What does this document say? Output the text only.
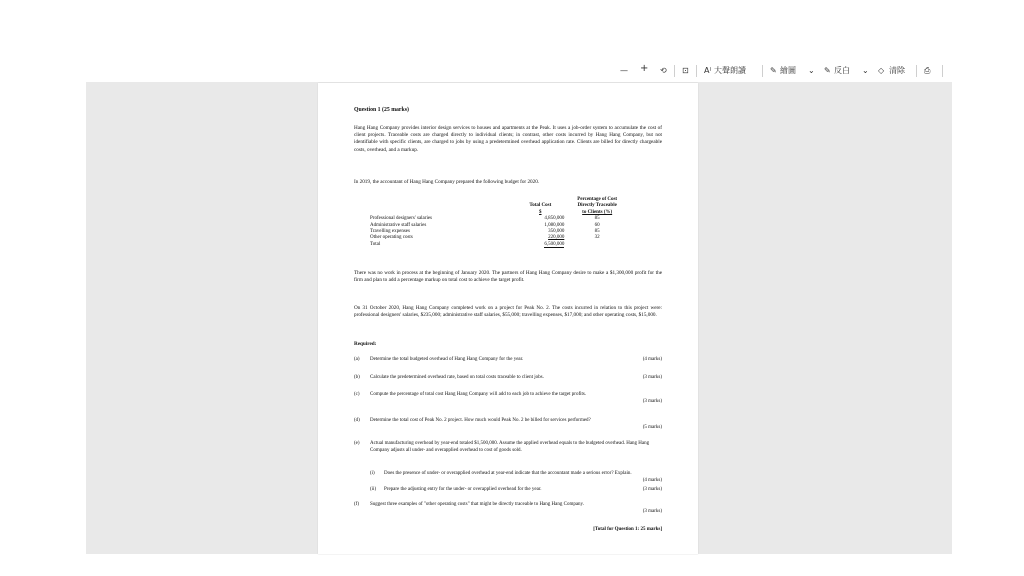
— + ⟲ ⊡ A⁾ 大聲朗讀	✎ 繪圖 ⌄ ✎ 反白 ⌄ ◇ 清除 ⎙
Question 1 (25 marks)
Hang Hang Company provides interior design services to houses and apartments at the Peak. It uses a job-order system to accumulate the cost of client projects. Traceable costs are charged directly to individual clients; in contrast, other costs incurred by Hang Hang Company, but not identifiable with specific clients, are charged to jobs by using a predetermined overhead application rate. Clients are billed for directly chargeable costs, overhead, and a markup.
In 2019, the accountant of Hang Hang Company prepared the following budget for 2020.
		Percentage of Cost
	Total Cost	Directly Traceable
	$	to Clients (%)
Professional designers' salaries	4,850,000	85
Administrative staff salaries	1,080,000	60
Travelling expenses	350,000	85
Other operating costs	220,000	32
Total	6,500,000	
There was no work in process at the beginning of January 2020. The partners of Hang Hang Company desire to make a $1,300,000 profit for the firm and plan to add a percentage markup on total cost to achieve the target profit.
On 31 October 2020, Hang Hang Company completed work on a project for Peak No. 2. The costs incurred in relation to this project were: professional designers' salaries, $235,000; administrative staff salaries, $55,000; travelling expenses, $17,000; and other operating costs, $15,000.
Required:
(a) Determine the total budgeted overhead of Hang Hang Company for the year.	(4 marks)
(b) Calculate the predetermined overhead rate, based on total costs traceable to client jobs.	(3 marks)
(c) Compute the percentage of total cost Hang Hang Company will add to each job to achieve the target profits.
(3 marks)
(d) Determine the total cost of Peak No. 2 project. How much would Peak No. 2 be billed for services performed?
(5 marks)
(e) Actual manufacturing overhead by year-end totaled $1,500,000. Assume the applied overhead equals to the budgeted overhead. Hang Hang Company adjusts all under- and overapplied overhead to cost of goods sold.
(i) Does the presence of under- or overapplied overhead at year-end indicate that the accountant made a serious error? Explain.
(4 marks)
(ii) Prepare the adjusting entry for the under- or overapplied overhead for the year.	(3 marks)
(f) Suggest three examples of "other operating costs" that might be directly traceable to Hang Hang Company.
(3 marks)
[Total for Question 1: 25 marks]
